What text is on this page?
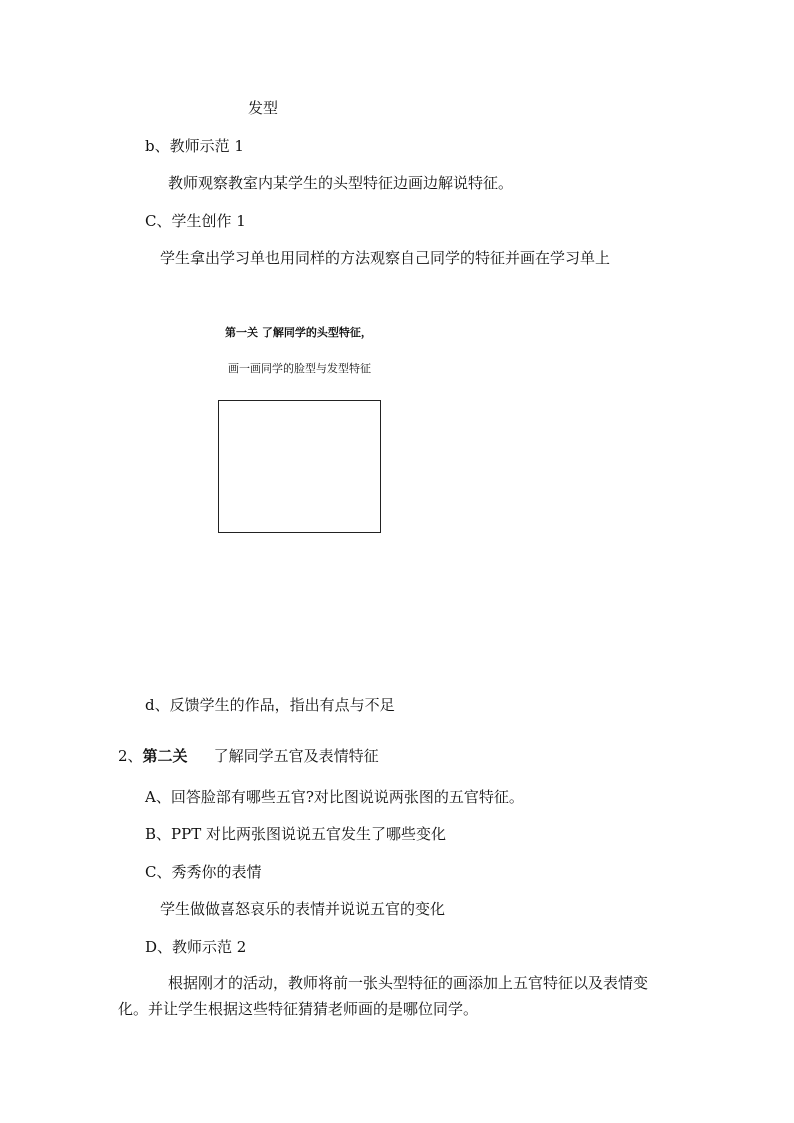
发型
b、教师示范 1
教师观察教室内某学生的头型特征边画边解说特征。
C、学生创作 1
学生拿出学习单也用同样的方法观察自己同学的特征并画在学习单上
第一关 了解同学的头型特征，
画一画同学的脸型与发型特征
d、反馈学生的作品，指出有点与不足
2、第二关 了解同学五官及表情特征
A、回答脸部有哪些五官?对比图说说两张图的五官特征。
B、PPT 对比两张图说说五官发生了哪些变化
C、秀秀你的表情
学生做做喜怒哀乐的表情并说说五官的变化
D、教师示范 2
根据刚才的活动，教师将前一张头型特征的画添加上五官特征以及表情变
化。并让学生根据这些特征猜猜老师画的是哪位同学。
